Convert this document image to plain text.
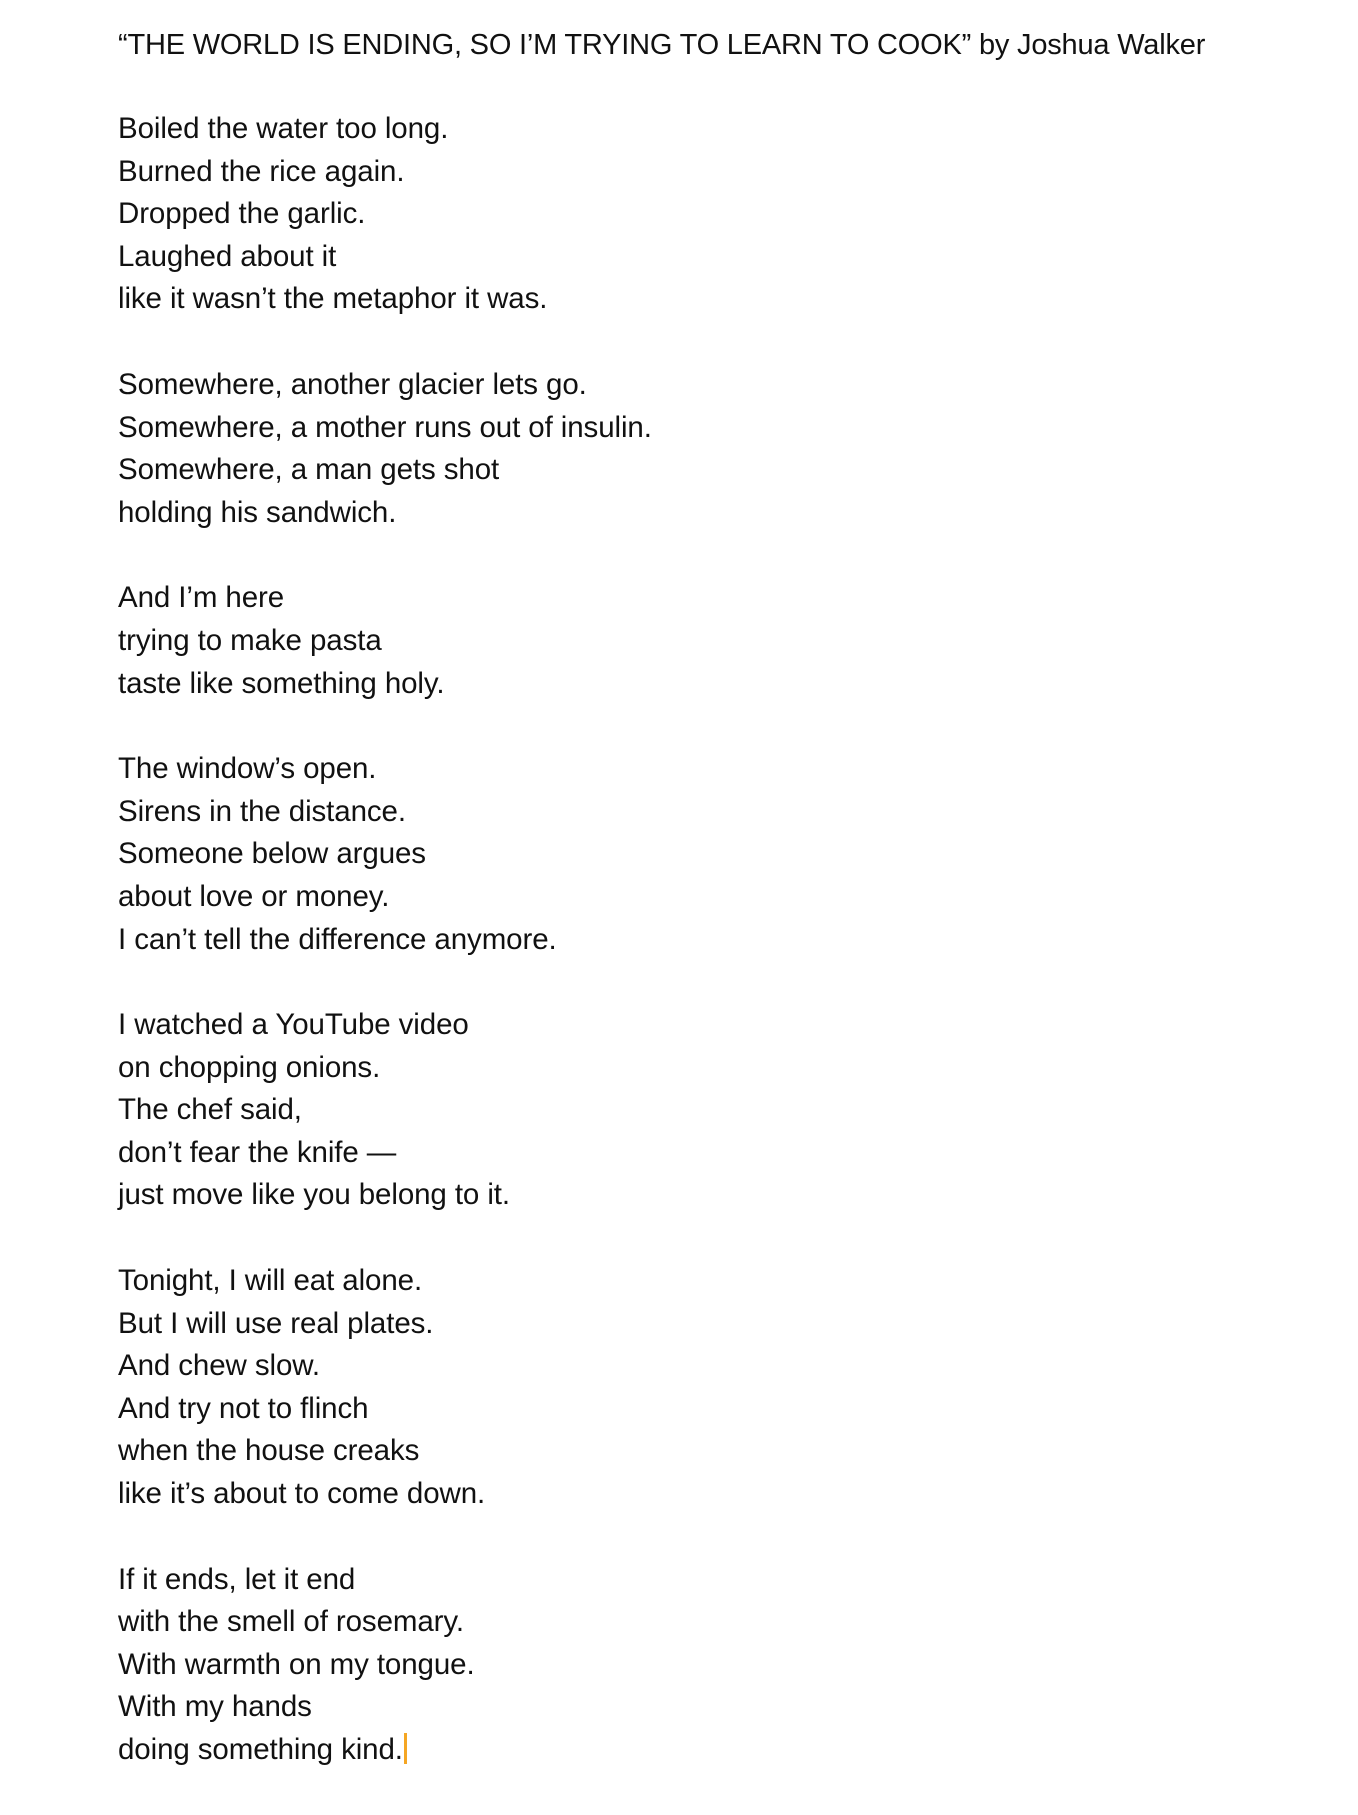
“THE WORLD IS ENDING, SO I’M TRYING TO LEARN TO COOK” by Joshua Walker
Boiled the water too long.
Burned the rice again.
Dropped the garlic.
Laughed about it
like it wasn’t the metaphor it was.
Somewhere, another glacier lets go.
Somewhere, a mother runs out of insulin.
Somewhere, a man gets shot
holding his sandwich.
And I’m here
trying to make pasta
taste like something holy.
The window’s open.
Sirens in the distance.
Someone below argues
about love or money.
I can’t tell the difference anymore.
I watched a YouTube video
on chopping onions.
The chef said,
don’t fear the knife —
just move like you belong to it.
Tonight, I will eat alone.
But I will use real plates.
And chew slow.
And try not to flinch
when the house creaks
like it’s about to come down.
If it ends, let it end
with the smell of rosemary.
With warmth on my tongue.
With my hands
doing something kind.
